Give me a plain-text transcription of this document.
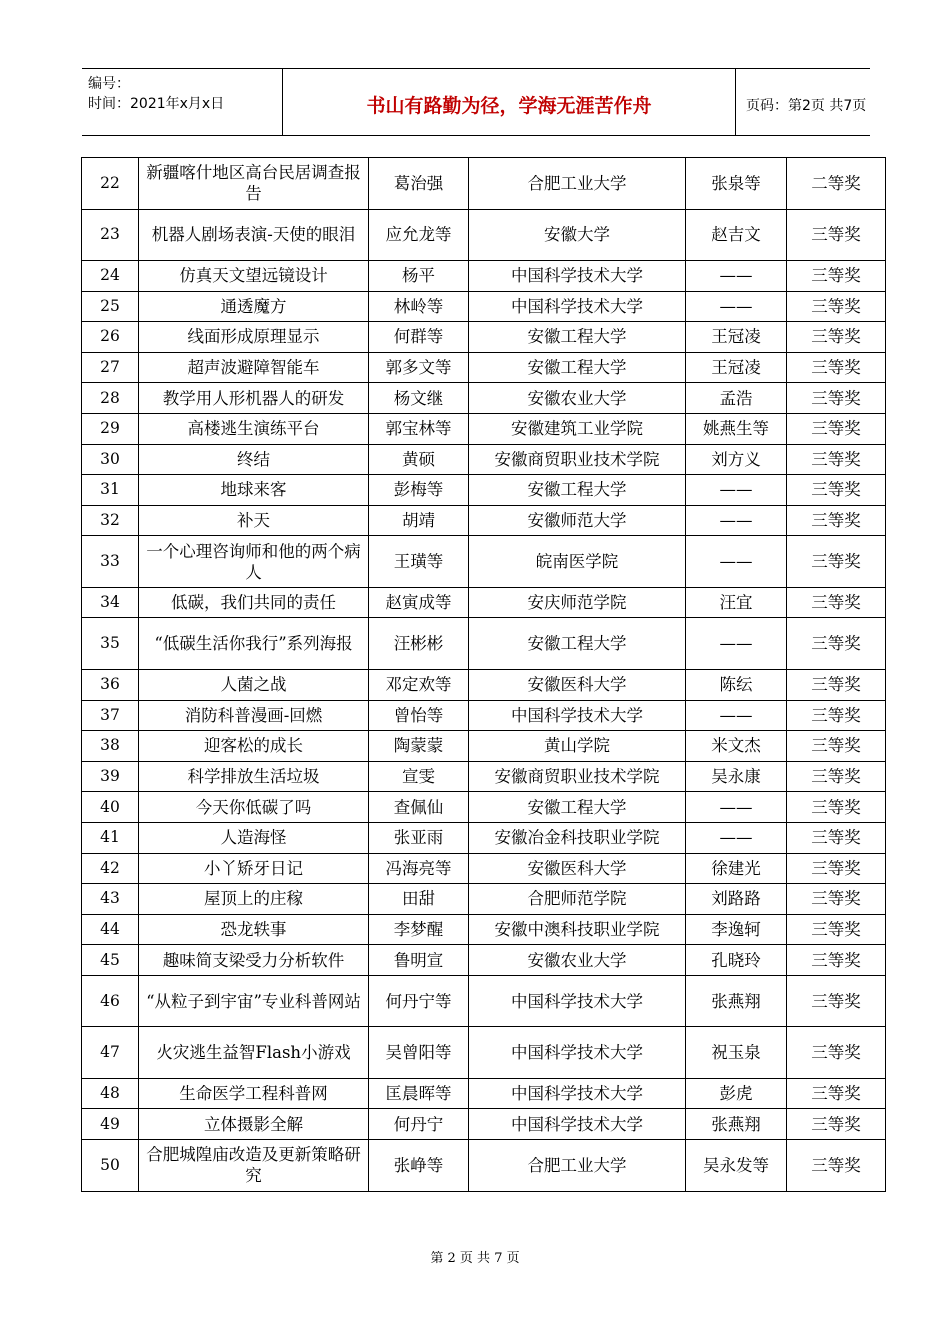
编号：
时间：2021年x月x日	书山有路勤为径，学海无涯苦作舟	页码：第2页 共7页
22	新疆喀什地区高台民居调查报告	葛治强	合肥工业大学	张泉等	二等奖
23	机器人剧场表演-天使的眼泪	应允龙等	安徽大学	赵吉文	三等奖
24	仿真天文望远镜设计	杨平	中国科学技术大学	——	三等奖
25	通透魔方	林岭等	中国科学技术大学	——	三等奖
26	线面形成原理显示	何群等	安徽工程大学	王冠凌	三等奖
27	超声波避障智能车	郭多文等	安徽工程大学	王冠凌	三等奖
28	教学用人形机器人的研发	杨文继	安徽农业大学	孟浩	三等奖
29	高楼逃生演练平台	郭宝林等	安徽建筑工业学院	姚燕生等	三等奖
30	终结	黄硕	安徽商贸职业技术学院	刘方义	三等奖
31	地球来客	彭梅等	安徽工程大学	——	三等奖
32	补天	胡靖	安徽师范大学	——	三等奖
33	一个心理咨询师和他的两个病人	王璜等	皖南医学院	——	三等奖
34	低碳，我们共同的责任	赵寅成等	安庆师范学院	汪宜	三等奖
35	“低碳生活你我行”系列海报	汪彬彬	安徽工程大学	——	三等奖
36	人菌之战	邓定欢等	安徽医科大学	陈纭	三等奖
37	消防科普漫画-回燃	曾怡等	中国科学技术大学	——	三等奖
38	迎客松的成长	陶蒙蒙	黄山学院	米文杰	三等奖
39	科学排放生活垃圾	宣雯	安徽商贸职业技术学院	吴永康	三等奖
40	今天你低碳了吗	查佩仙	安徽工程大学	——	三等奖
41	人造海怪	张亚雨	安徽冶金科技职业学院	——	三等奖
42	小丫矫牙日记	冯海亮等	安徽医科大学	徐建光	三等奖
43	屋顶上的庄稼	田甜	合肥师范学院	刘路路	三等奖
44	恐龙轶事	李梦醒	安徽中澳科技职业学院	李逸轲	三等奖
45	趣味简支梁受力分析软件	鲁明宣	安徽农业大学	孔晓玲	三等奖
46	“从粒子到宇宙”专业科普网站	何丹宁等	中国科学技术大学	张燕翔	三等奖
47	火灾逃生益智Flash小游戏	吴曾阳等	中国科学技术大学	祝玉泉	三等奖
48	生命医学工程科普网	匡晨晖等	中国科学技术大学	彭虎	三等奖
49	立体摄影全解	何丹宁	中国科学技术大学	张燕翔	三等奖
50	合肥城隍庙改造及更新策略研究	张峥等	合肥工业大学	吴永发等	三等奖
第 2 页 共 7 页
